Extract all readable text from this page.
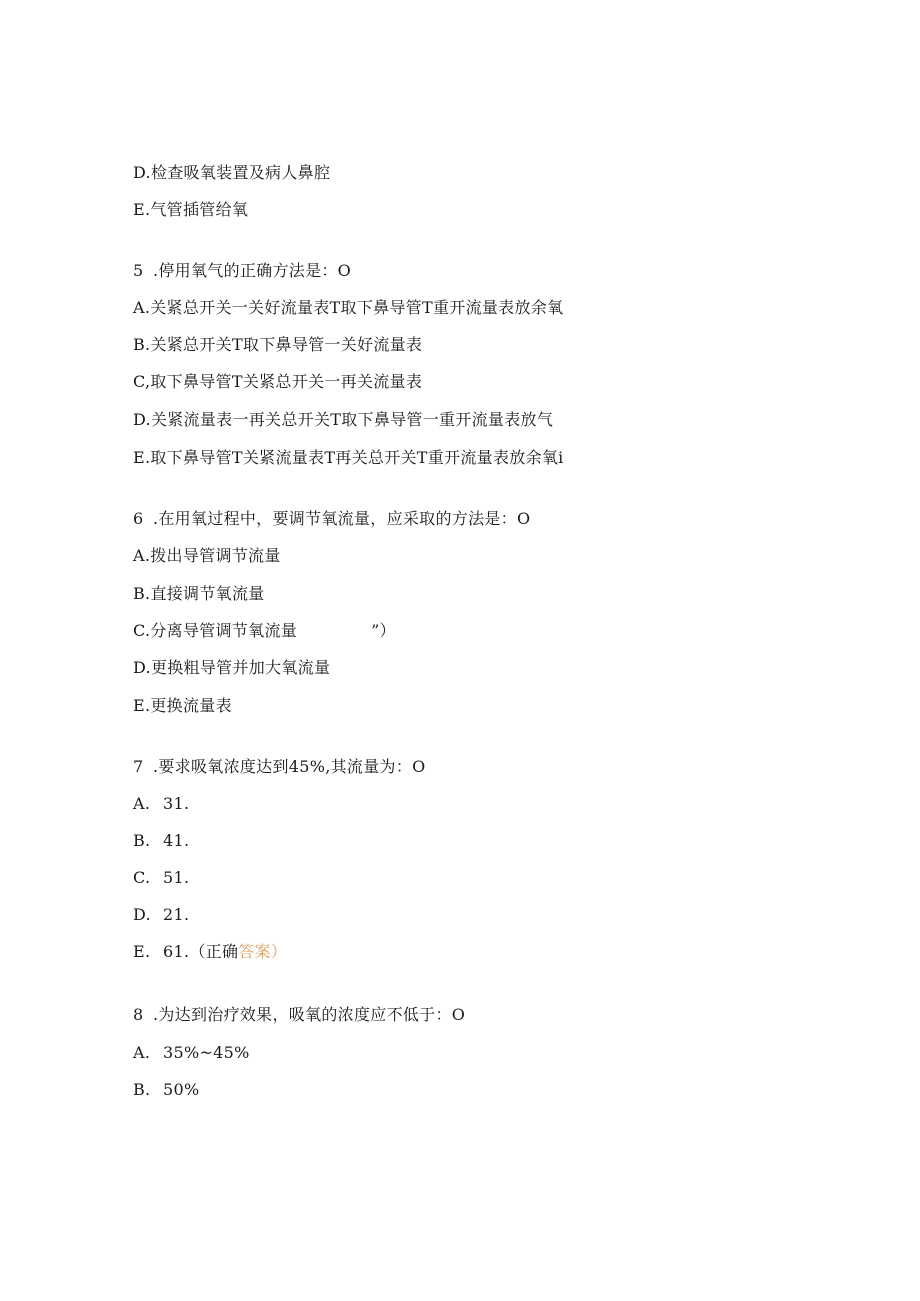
D.检查吸氧装置及病人鼻腔
E.气管插管给氧
5 .停用氧气的正确方法是：O
A.关紧总开关一关好流量表T取下鼻导管T重开流量表放余氧
B.关紧总开关T取下鼻导管一关好流量表
C,取下鼻导管T关紧总开关一再关流量表
D.关紧流量表一再关总开关T取下鼻导管一重开流量表放气
E.取下鼻导管T关紧流量表T再关总开关T重开流量表放余氧i
6 .在用氧过程中，要调节氧流量，应采取的方法是：O
A.拨出导管调节流量
B.直接调节氧流量
C.分离导管调节氧流量	”）
D.更换粗导管并加大氧流量
E.更换流量表
7 .要求吸氧浓度达到45%,其流量为：O
A. 31.
B. 41.
C. 51.
D. 21.
E. 61.（正确答案）
8 .为达到治疗效果，吸氧的浓度应不低于：O
A. 35%~45%
B. 50%
